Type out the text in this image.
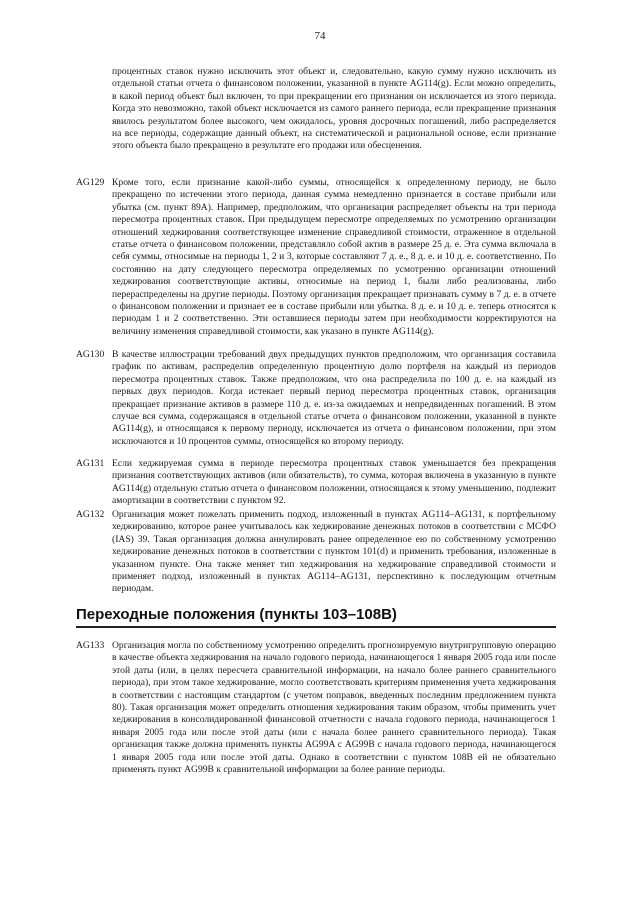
74

процентных ставок нужно исключить этот объект и, следовательно, какую сумму нужно исключить из отдельной статьи отчета о финансовом положении, указанной в пункте AG114(g). Если можно определить, в какой период объект был включен, то при прекращении его признания он исключается из этого периода. Когда это невозможно, такой объект исключается из самого раннего периода, если прекращение признания явилось результатом более высокого, чем ожидалось, уровня досрочных погашений, либо распределяется на все периоды, содержащие данный объект, на систематической и рациональной основе, если признание этого объекта было прекращено в результате его продажи или обесценения.

AG129 Кроме того, если признание какой-либо суммы, относящейся к определенному периоду, не было прекращено по истечении этого периода, данная сумма немедленно признается в составе прибыли или убытка (см. пункт 89A). Например, предположим, что организация распределяет объекты на три периода пересмотра процентных ставок. При предыдущем пересмотре определяемых по усмотрению организации отношений хеджирования соответствующее изменение справедливой стоимости, отраженное в отдельной статье отчета о финансовом положении, представляло собой актив в размере 25 д. е. Эта сумма включала в себя суммы, относимые на периоды 1, 2 и 3, которые составляют 7 д. е., 8 д. е. и 10 д. е. соответственно. По состоянию на дату следующего пересмотра определяемых по усмотрению организации отношений хеджирования соответствующие активы, относимые на период 1, были либо реализованы, либо перераспределены на другие периоды. Поэтому организация прекращает признавать сумму в 7 д. е. в отчете о финансовом положении и признает ее в составе прибыли или убытка. 8 д. е. и 10 д. е. теперь относятся к периодам 1 и 2 соответственно. Эти оставшиеся периоды затем при необходимости корректируются на величину изменения справедливой стоимости, как указано в пункте AG114(g).

AG130 В качестве иллюстрации требований двух предыдущих пунктов предположим, что организация составила график по активам, распределив определенную процентную долю портфеля на каждый из периодов пересмотра процентных ставок. Также предположим, что она распределила по 100 д. е. на каждый из первых двух периодов. Когда истекает первый период пересмотра процентных ставок, организация прекращает признание активов в размере 110 д. е. из-за ожидаемых и непредвиденных погашений. В этом случае вся сумма, содержащаяся в отдельной статье отчета о финансовом положении, указанной в пункте AG114(g), и относящаяся к первому периоду, исключается из отчета о финансовом положении, при этом исключаются и 10 процентов суммы, относящейся ко второму периоду.

AG131 Если хеджируемая сумма в периоде пересмотра процентных ставок уменьшается без прекращения признания соответствующих активов (или обязательств), то сумма, которая включена в указанную в пункте AG114(g) отдельную статью отчета о финансовом положении, относящаяся к этому уменьшению, подлежит амортизации в соответствии с пунктом 92.

AG132 Организация может пожелать применить подход, изложенный в пунктах AG114–AG131, к портфельному хеджированию, которое ранее учитывалось как хеджирование денежных потоков в соответствии с МСФО (IAS) 39. Такая организация должна аннулировать ранее определенное ею по собственному усмотрению хеджирование денежных потоков в соответствии с пунктом 101(d) и применить требования, изложенные в указанном пункте. Она также меняет тип хеджирования на хеджирование справедливой стоимости и применяет подход, изложенный в пунктах AG114–AG131, перспективно к последующим отчетным периодам.

Переходные положения (пункты 103–108B)
AG133 Организация могла по собственному усмотрению определить прогнозируемую внутригрупповую операцию в качестве объекта хеджирования на начало годового периода, начинающегося 1 января 2005 года или после этой даты (или, в целях пересчета сравнительной информации, на начало более раннего сравнительного периода), при этом такое хеджирование, могло соответствовать критериям применения учета хеджирования в соответствии с настоящим стандартом (с учетом поправок, введенных последним предложением пункта 80). Такая организация может определить отношения хеджирования таким образом, чтобы применить учет хеджирования в консолидированной финансовой отчетности с начала годового периода, начинающегося 1 января 2005 года или после этой даты (или с начала более раннего сравнительного периода). Такая организация также должна применять пункты AG99A с AG99B с начала годового периода, начинающегося 1 января 2005 года или после этой даты. Однако в соответствии с пунктом 108B ей не обязательно применять пункт AG99B к сравнительной информации за более ранние периоды.
